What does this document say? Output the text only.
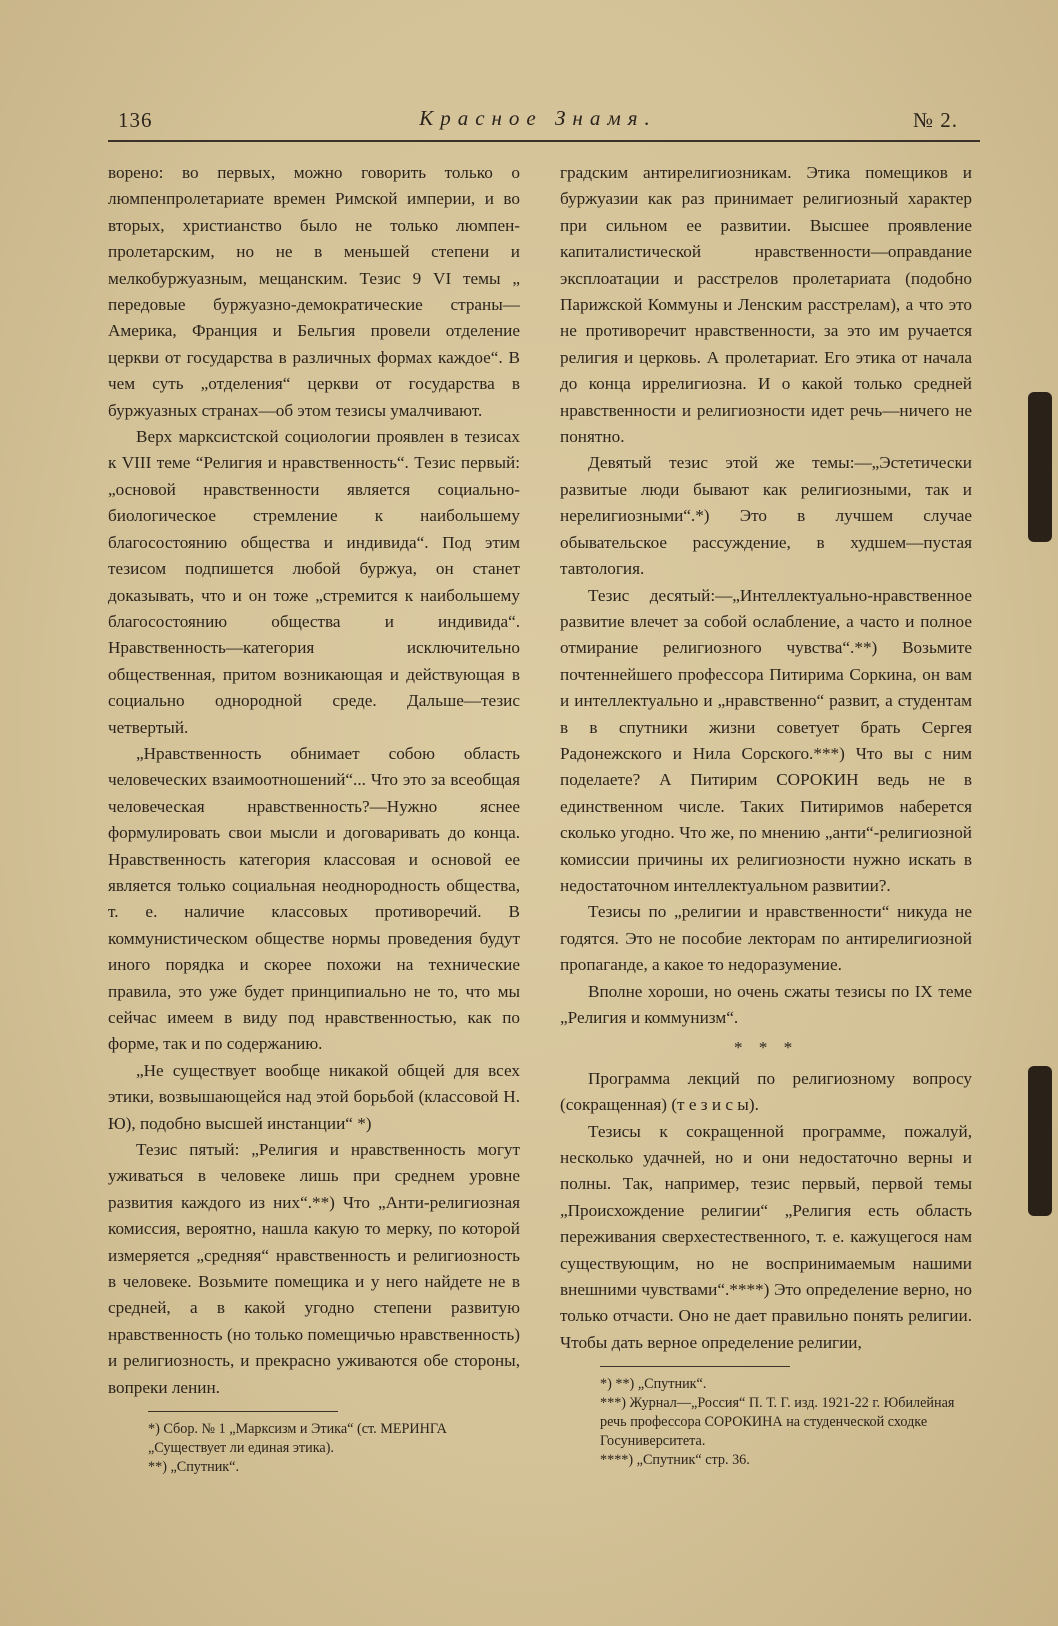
136	Красное Знамя.	№ 2.

ворено: во первых, можно говорить только о люмпенпролетариате времен Римской империи, и во вторых, христианство было не только люмпен-пролетарским, но не в меньшей степени и мелкобуржуазным, мещанским. Тезис 9 VI темы „ передовые буржуазно-демократические страны—Америка, Франция и Бельгия провели отделение церкви от государства в различных формах каждое“. В чем суть „отделения“ церкви от государства в буржуазных странах—об этом тезисы умалчивают.

Верх марксистской социологии проявлен в тезисах к VIII теме “Религия и нравственность“. Тезис первый: „основой нравственности является социально-биологическое стремление к наибольшему благосостоянию общества и индивида“. Под этим тезисом подпишется любой буржуа, он станет доказывать, что и он тоже „стремится к наибольшему благосостоянию общества и индивида“. Нравственность—категория исключительно общественная, притом возникающая и действующая в социально однородной среде. Дальше—тезис четвертый.

„Нравственность обнимает собою область человеческих взаимоотношений“... Что это за всеобщая человеческая нравственность?—Нужно яснее формулировать свои мысли и договаривать до конца. Нравственность категория классовая и основой ее является только социальная неоднородность общества, т. е. наличие классовых противоречий. В коммунистическом обществе нормы проведения будут иного порядка и скорее похожи на технические правила, это уже будет принципиально не то, что мы сейчас имеем в виду под нравственностью, как по форме, так и по содержанию.

„Не существует вообще никакой общей для всех этики, возвышающейся над этой борьбой (классовой Н. Ю), подобно высшей инстанции“ *)

Тезис пятый: „Религия и нравственность могут уживаться в человеке лишь при среднем уровне развития каждого из них“.**) Что „Анти-религиозная комиссия, вероятно, нашла какую то мерку, по которой измеряется „средняя“ нравственность и религиозность в человеке. Возьмите помещика и у него найдете не в средней, а в какой угодно степени развитую нравственность (но только помещичью нравственность) и религиозность, и прекрасно уживаются обе стороны, вопреки ленин.

*) Сбор. № 1 „Марксизм и Этика“ (ст. МЕРИНГА „Существует ли единая этика).

**) „Спутник“.

градским антирелигиозникам. Этика помещиков и буржуазии как раз принимает религиозный характер при сильном ее развитии. Высшее проявление капиталистической нравственности—оправдание эксплоатации и расстрелов пролетариата (подобно Парижской Коммуны и Ленским расстрелам), а что это не противоречит нравственности, за это им ручается религия и церковь. А пролетариат. Его этика от начала до конца иррелигиозна. И о какой только средней нравственности и религиозности идет речь—ничего не понятно.

Девятый тезис этой же темы:—„Эстетически развитые люди бывают как религиозными, так и нерелигиозными“.*) Это в лучшем случае обывательское рассуждение, в худшем—пустая тавтология.

Тезис десятый:—„Интеллектуально-нравственное развитие влечет за собой ослабление, а часто и полное отмирание религиозного чувства“.**) Возьмите почтеннейшего профессора Питирима Соркина, он вам и интеллектуально и „нравственно“ развит, а студентам в в спутники жизни советует брать Сергея Радонежского и Нила Сорского.***) Что вы с ним поделаете? А Питирим СОРОКИН ведь не в единственном числе. Таких Питиримов наберется сколько угодно. Что же, по мнению „анти“-религиозной комиссии причины их религиозности нужно искать в недостаточном интеллектуальном развитии?.

Тезисы по „религии и нравственности“ никуда не годятся. Это не пособие лекторам по антирелигиозной пропаганде, а какое то недоразумение.

Вполне хороши, но очень сжаты тезисы по IX теме „Религия и коммунизм“.

* * *

Программа лекций по религиозному вопросу (сокращенная) (т е з и с ы).

Тезисы к сокращенной программе, пожалуй, несколько удачней, но и они недостаточно верны и полны. Так, например, тезис первый, первой темы „Происхождение религии“ „Религия есть область переживания сверхестественного, т. е. кажущегося нам существующим, но не воспринимаемым нашими внешними чувствами“.****) Это определение верно, но только отчасти. Оно не дает правильно понять религии. Чтобы дать верное определение религии,

*) **) „Спутник“.

***) Журнал—„Россия“ П. Т. Г. изд. 1921-22 г. Юбилейная речь профессора СОРОКИНА на студенческой сходке Госуниверситета.

****) „Спутник“ стр. 36.
